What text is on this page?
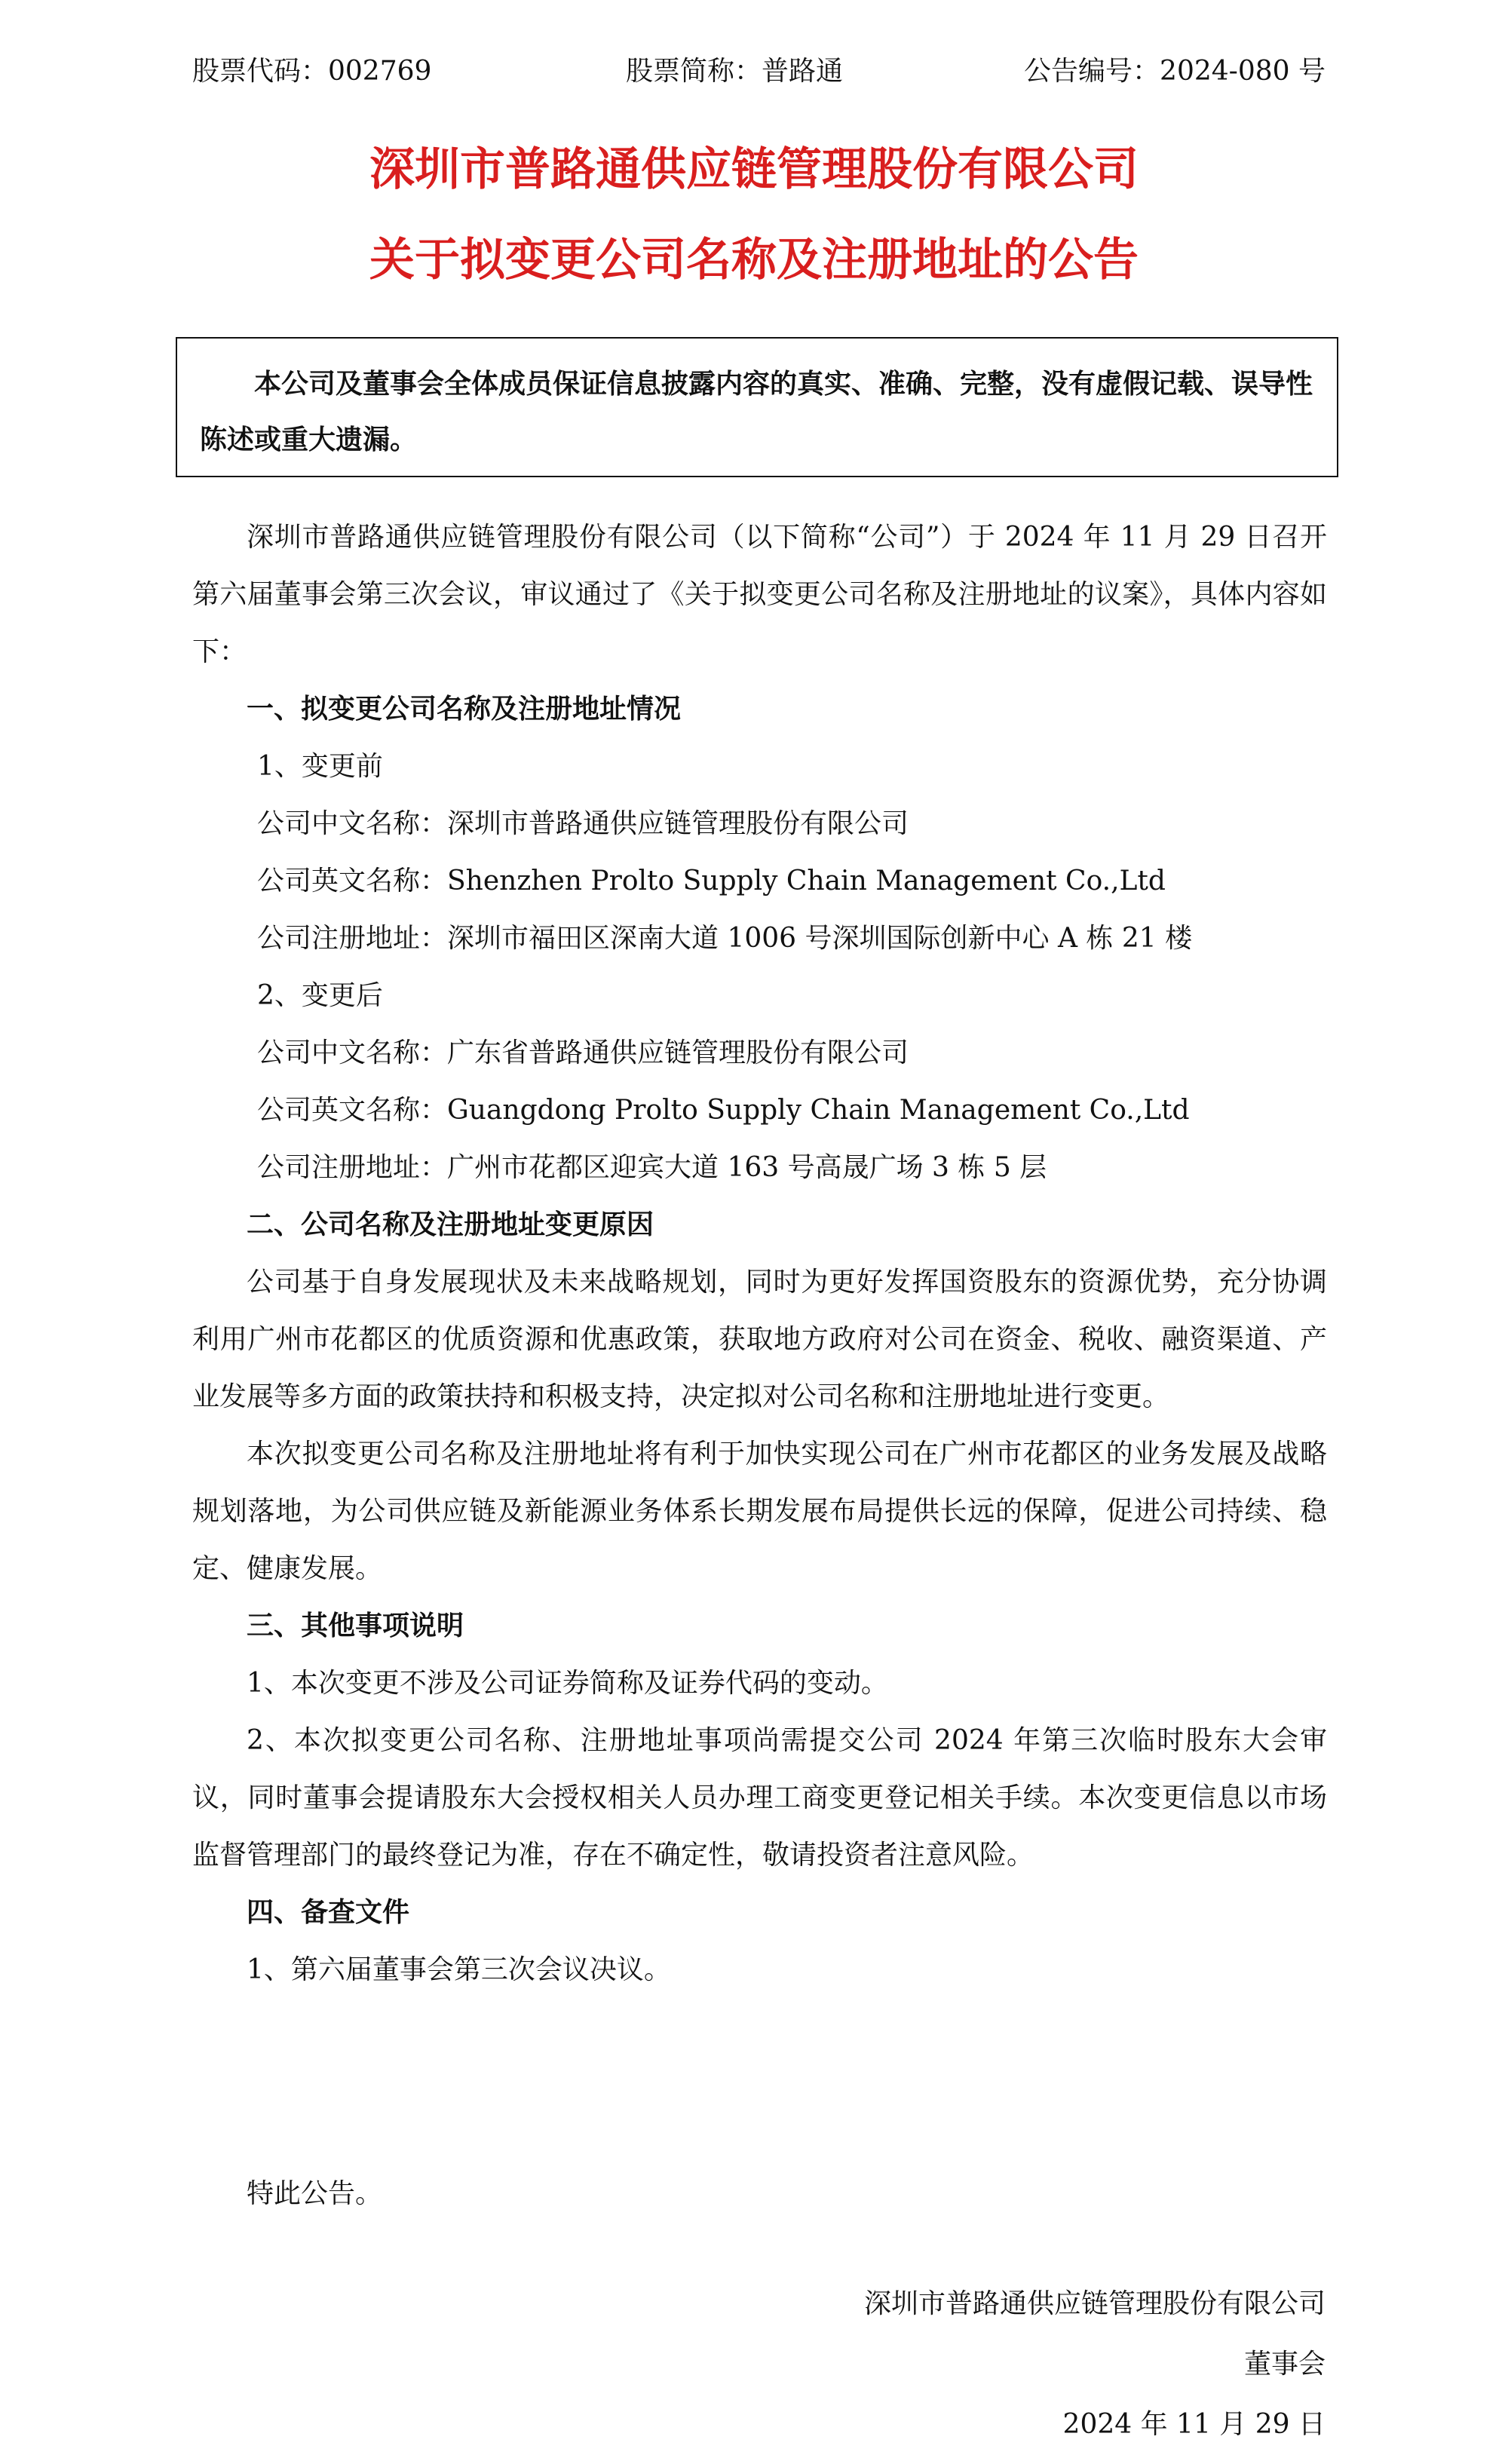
股票代码：002769	股票简称：普路通	公告编号：2024-080 号
深圳市普路通供应链管理股份有限公司
关于拟变更公司名称及注册地址的公告
本公司及董事会全体成员保证信息披露内容的真实、准确、完整，没有虚假记载、误导性陈述或重大遗漏。

深圳市普路通供应链管理股份有限公司（以下简称“公司”）于 2024 年 11 月 29 日召开第六届董事会第三次会议，审议通过了《关于拟变更公司名称及注册地址的议案》，具体内容如下：

一、拟变更公司名称及注册地址情况

1、变更前

公司中文名称：深圳市普路通供应链管理股份有限公司

公司英文名称：Shenzhen Prolto Supply Chain Management Co.,Ltd

公司注册地址：深圳市福田区深南大道 1006 号深圳国际创新中心 A 栋 21 楼

2、变更后

公司中文名称：广东省普路通供应链管理股份有限公司

公司英文名称：Guangdong Prolto Supply Chain Management Co.,Ltd

公司注册地址：广州市花都区迎宾大道 163 号高晟广场 3 栋 5 层

二、公司名称及注册地址变更原因

公司基于自身发展现状及未来战略规划，同时为更好发挥国资股东的资源优势，充分协调利用广州市花都区的优质资源和优惠政策，获取地方政府对公司在资金、税收、融资渠道、产业发展等多方面的政策扶持和积极支持，决定拟对公司名称和注册地址进行变更。

本次拟变更公司名称及注册地址将有利于加快实现公司在广州市花都区的业务发展及战略规划落地，为公司供应链及新能源业务体系长期发展布局提供长远的保障，促进公司持续、稳定、健康发展。

三、其他事项说明

1、本次变更不涉及公司证券简称及证券代码的变动。

2、本次拟变更公司名称、注册地址事项尚需提交公司 2024 年第三次临时股东大会审议，同时董事会提请股东大会授权相关人员办理工商变更登记相关手续。本次变更信息以市场监督管理部门的最终登记为准，存在不确定性，敬请投资者注意风险。

四、备查文件

1、第六届董事会第三次会议决议。

特此公告。

深圳市普路通供应链管理股份有限公司
董事会
2024 年 11 月 29 日
